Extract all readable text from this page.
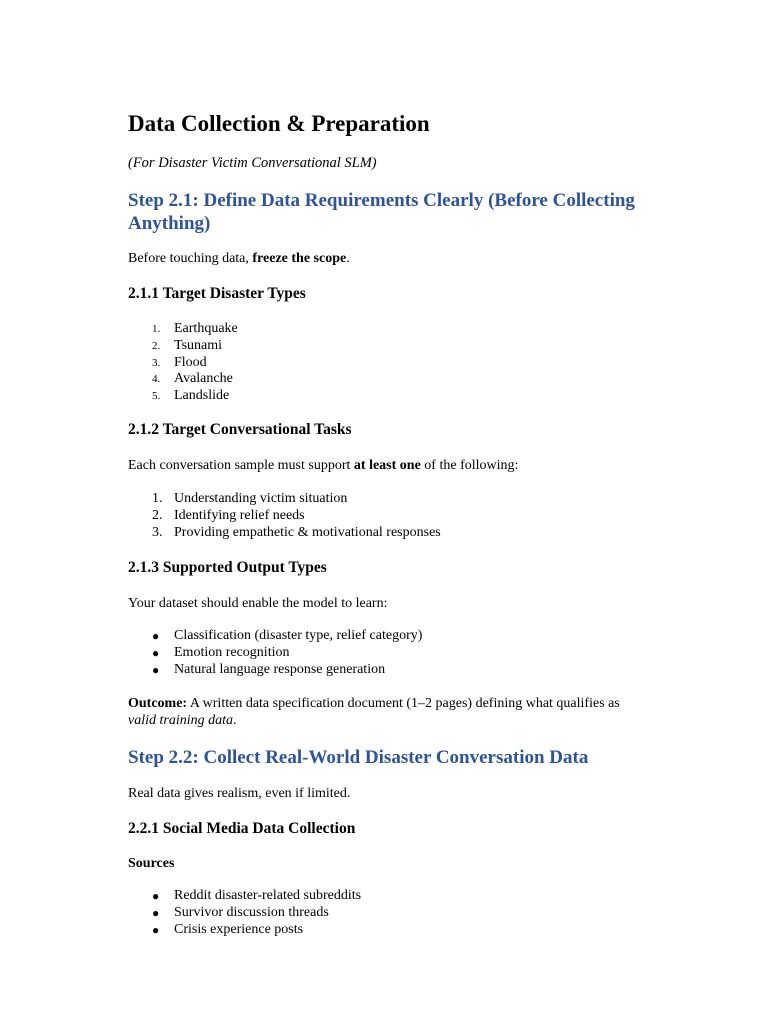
Data Collection & Preparation

(For Disaster Victim Conversational SLM)

Step 2.1: Define Data Requirements Clearly (Before Collecting Anything)

Before touching data, freeze the scope.

2.1.1 Target Disaster Types
1. Earthquake
2. Tsunami
3. Flood
4. Avalanche
5. Landslide
2.1.2 Target Conversational Tasks

Each conversation sample must support at least one of the following:

1. Understanding victim situation
2. Identifying relief needs
3. Providing empathetic & motivational responses
2.1.3 Supported Output Types

Your dataset should enable the model to learn:

● Classification (disaster type, relief category)
● Emotion recognition
● Natural language response generation

Outcome: A written data specification document (1–2 pages) defining what qualifies as

valid training data.

Step 2.2: Collect Real-World Disaster Conversation Data

Real data gives realism, even if limited.

2.2.1 Social Media Data Collection

Sources

● Reddit disaster-related subreddits
● Survivor discussion threads
● Crisis experience posts
